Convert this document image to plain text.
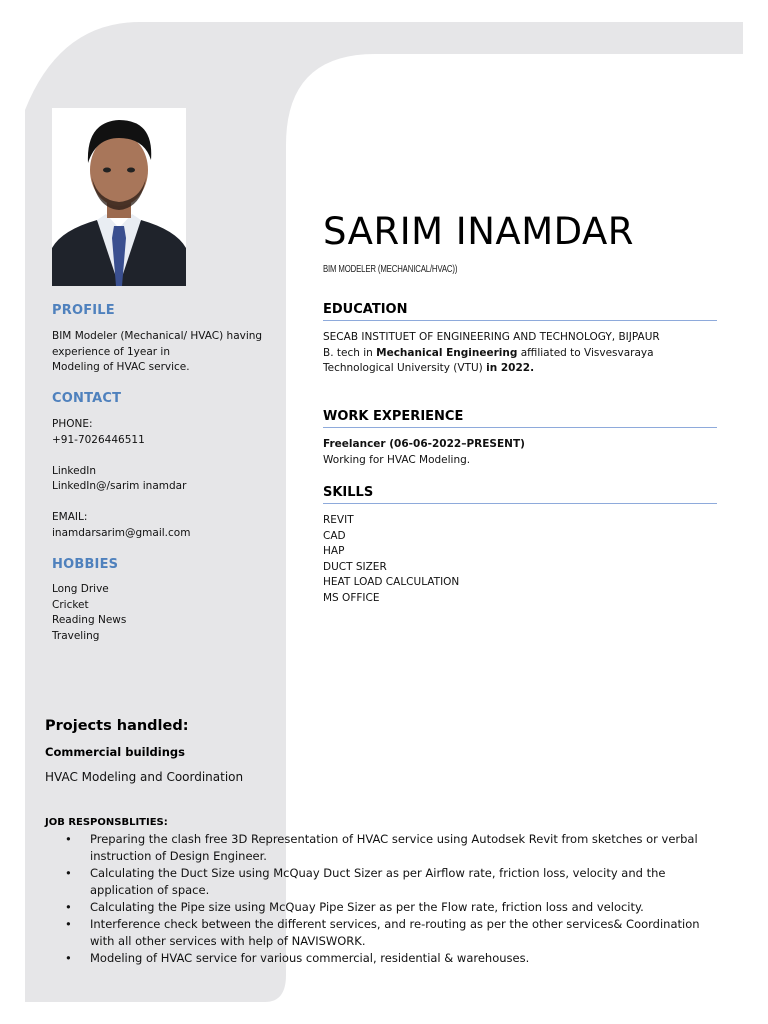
PROFILE
BIM Modeler (Mechanical/ HVAC) having
experience of 1year in
Modeling of HVAC service.
CONTACT
PHONE:
+91-7026446511
LinkedIn
LinkedIn@/sarim inamdar
EMAIL:
inamdarsarim@gmail.com
HOBBIES
Long Drive
Cricket
Reading News
Traveling
SARIM INAMDAR
BIM MODELER (MECHANICAL/HVAC))
EDUCATION
SECAB INSTITUET OF ENGINEERING AND TECHNOLOGY, BIJPAUR
B. tech in Mechanical Engineering affiliated to Visvesvaraya Technological University (VTU) in 2022.
WORK EXPERIENCE
Freelancer (06-06-2022–PRESENT)
Working for HVAC Modeling.
SKILLS
REVIT
CAD
HAP
DUCT SIZER
HEAT LOAD CALCULATION
MS OFFICE
Projects handled:
Commercial buildings
HVAC Modeling and Coordination
JOB RESPONSBLITIES:
• Preparing the clash free 3D Representation of HVAC service using Autodsek Revit from sketches or verbal instruction of Design Engineer.
• Calculating the Duct Size using McQuay Duct Sizer as per Airflow rate, friction loss, velocity and the application of space.
• Calculating the Pipe size using McQuay Pipe Sizer as per the Flow rate, friction loss and velocity.
• Interference check between the different services, and re-routing as per the other services& Coordination with all other services with help of NAVISWORK.
• Modeling of HVAC service for various commercial, residential & warehouses.
